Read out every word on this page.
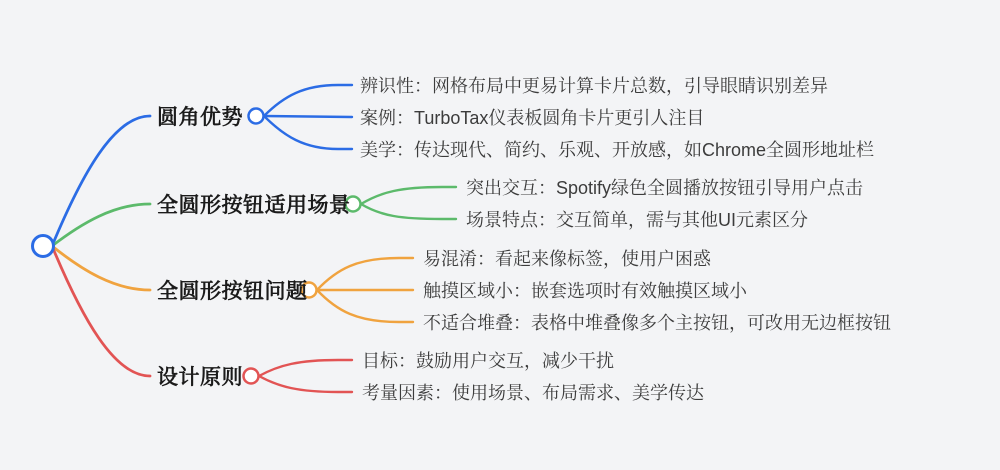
圆角优势
全圆形按钮适用场景
全圆形按钮问题
设计原则
辨识性：网格布局中更易计算卡片总数，引导眼睛识别差异
案例：TurboTax仪表板圆角卡片更引人注目
美学：传达现代、简约、乐观、开放感，如Chrome全圆形地址栏
突出交互：Spotify绿色全圆播放按钮引导用户点击
场景特点：交互简单，需与其他UI元素区分
易混淆：看起来像标签，使用户困惑
触摸区域小：嵌套选项时有效触摸区域小
不适合堆叠：表格中堆叠像多个主按钮，可改用无边框按钮
目标：鼓励用户交互，减少干扰
考量因素：使用场景、布局需求、美学传达
